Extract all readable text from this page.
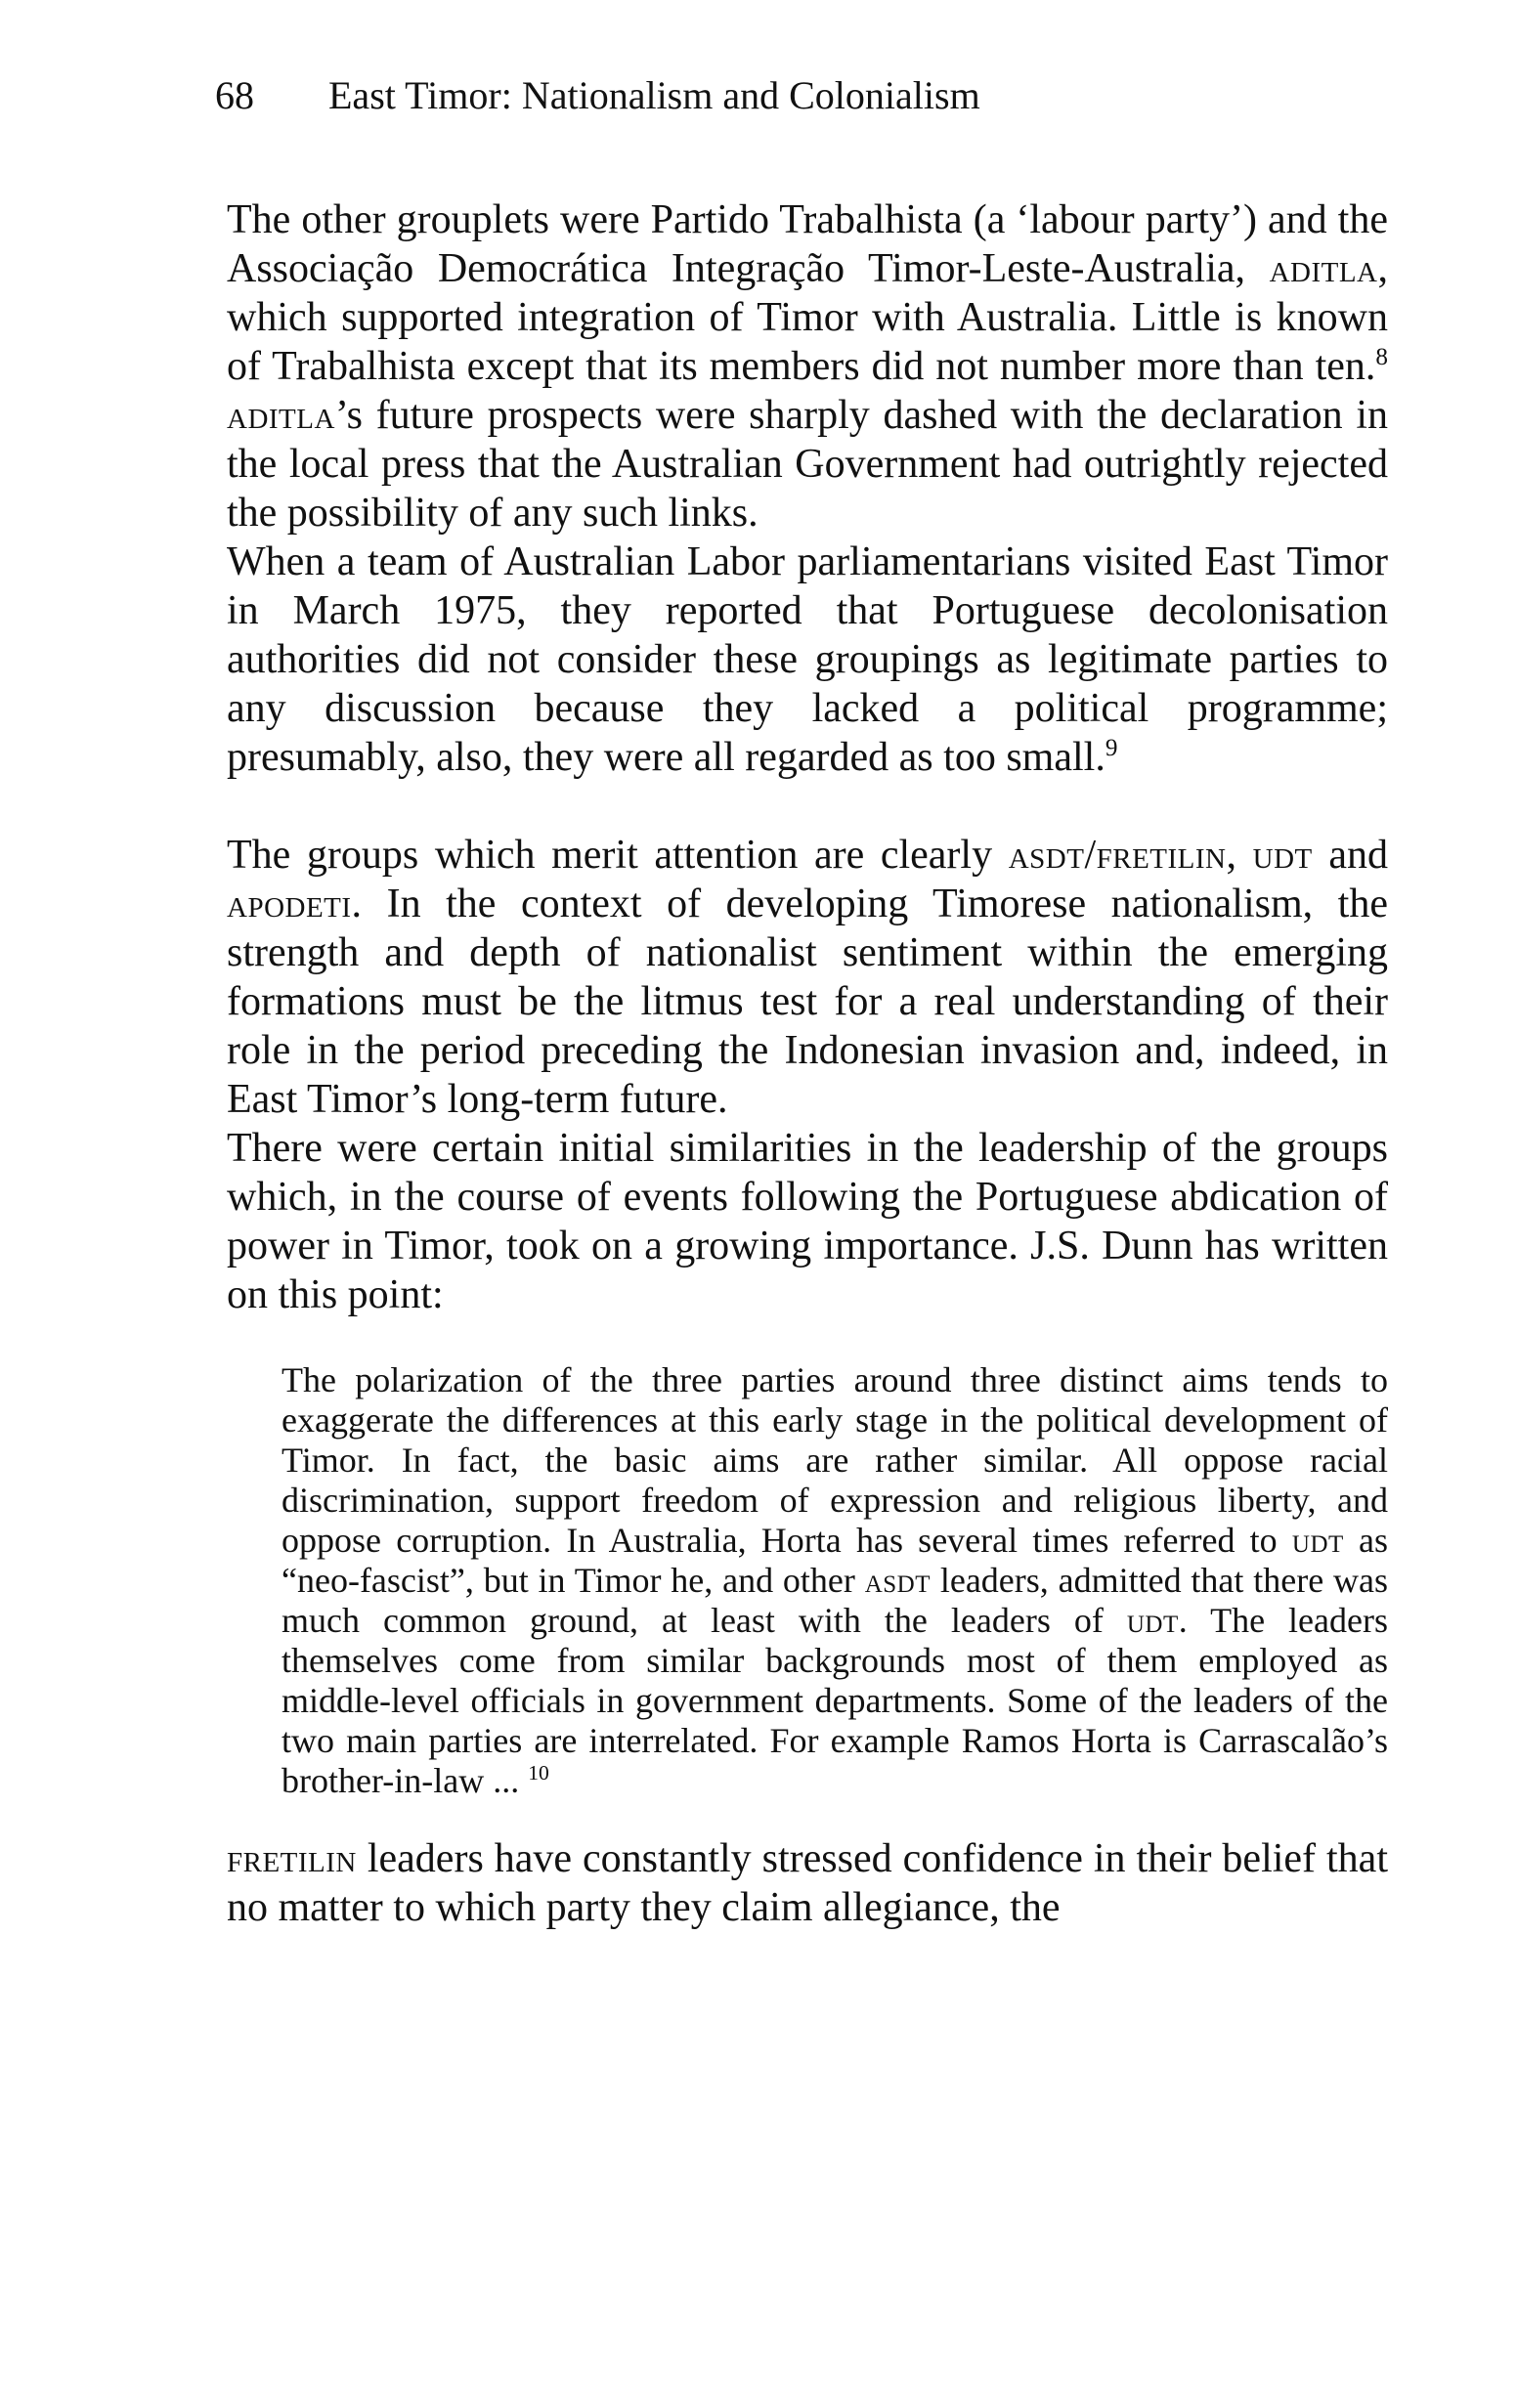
68 East Timor: Nationalism and Colonialism

The other grouplets were Partido Trabalhista (a ‘labour party’) and the Associação Democrática Integração Timor-Leste-Australia, aditla, which supported integration of Timor with Australia. Little is known of Trabalhista except that its members did not number more than ten.$^8$ aditla’s future prospects were sharply dashed with the declaration in the local press that the Australian Government had outrightly rejected the possibility of any such links.

When a team of Australian Labor parliamentarians visited East Timor in March 1975, they reported that Portuguese decolonisation authorities did not consider these groupings as legitimate parties to any discussion because they lacked a political programme; presumably, also, they were all regarded as too small.$^9$

The groups which merit attention are clearly asdt/fretilin, udt and apodeti. In the context of developing Timorese nationalism, the strength and depth of nationalist sentiment within the emerging formations must be the litmus test for a real understanding of their role in the period preceding the Indonesian invasion and, indeed, in East Timor’s long-term future.

There were certain initial similarities in the leadership of the groups which, in the course of events following the Portuguese abdication of power in Timor, took on a growing importance. J.S. Dunn has written on this point:

The polarization of the three parties around three distinct aims tends to exaggerate the differences at this early stage in the political development of Timor. In fact, the basic aims are rather similar. All oppose racial discrimination, support freedom of expression and religious liberty, and oppose corruption. In Australia, Horta has several times referred to udt as “neo-fascist”, but in Timor he, and other asdt leaders, admitted that there was much common ground, at least with the leaders of udt. The leaders themselves come from similar backgrounds most of them employed as middle-level officials in government departments. Some of the leaders of the two main parties are interrelated. For example Ramos Horta is Carrascalão’s brother-in-law ... $^{10}$

fretilin leaders have constantly stressed confidence in their belief that no matter to which party they claim allegiance, the
